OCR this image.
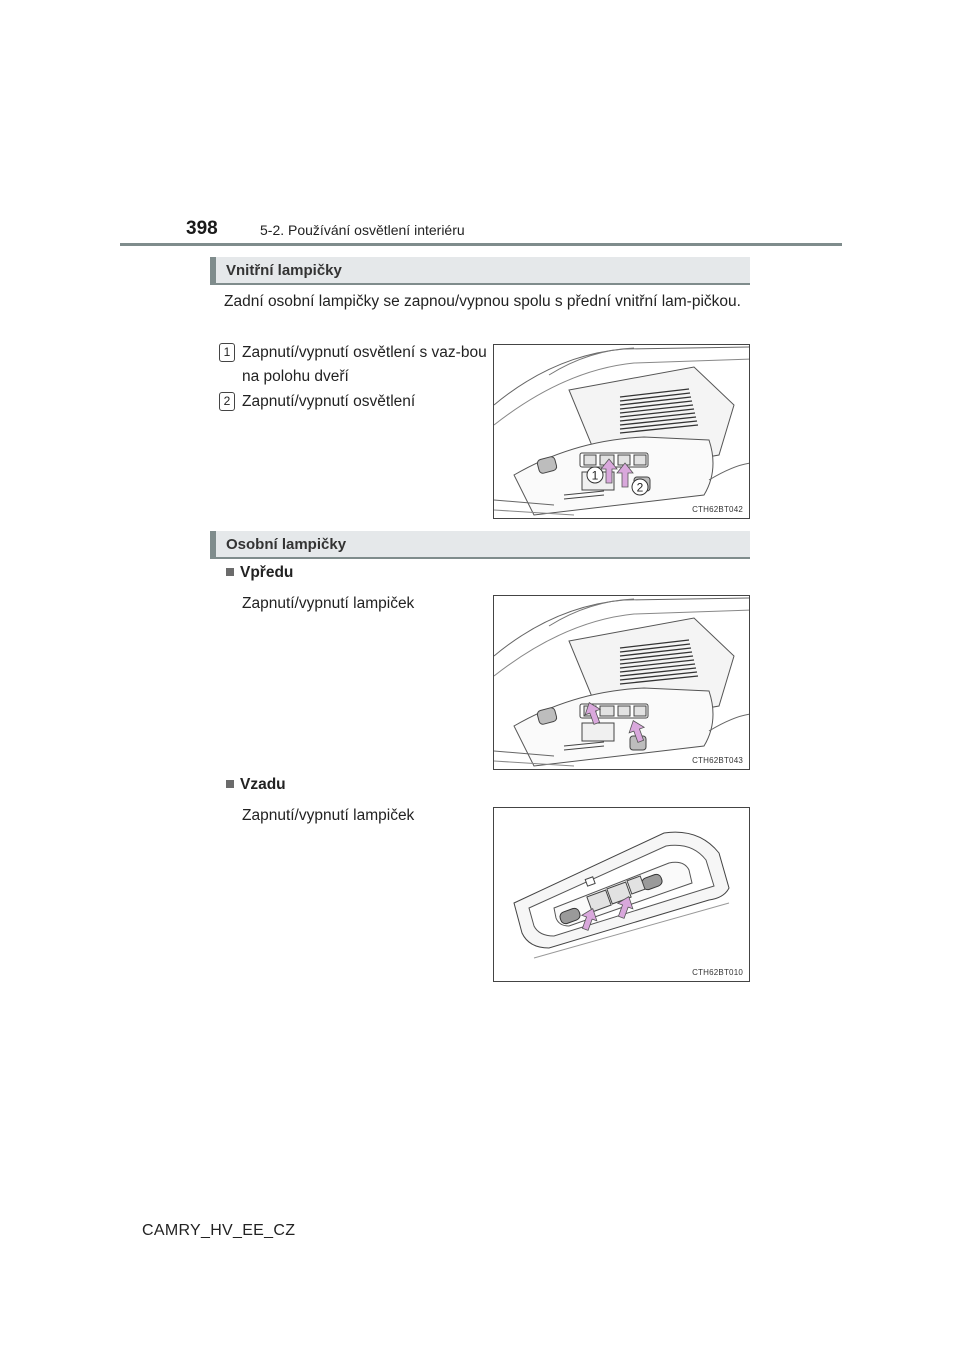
398	5-2. Používání osvětlení interiéru
Vnitřní lampičky
Zadní osobní lampičky se zapnou/vypnou spolu s přední vnitřní lam-pičkou.
1 Zapnutí/vypnutí osvětlení s vaz-bou na polohu dveří
2 Zapnutí/vypnutí osvětlení
1
2
CTH62BT042
Osobní lampičky
Vpředu
Zapnutí/vypnutí lampiček
CTH62BT043
Vzadu
Zapnutí/vypnutí lampiček
CTH62BT010
CAMRY_HV_EE_CZ
